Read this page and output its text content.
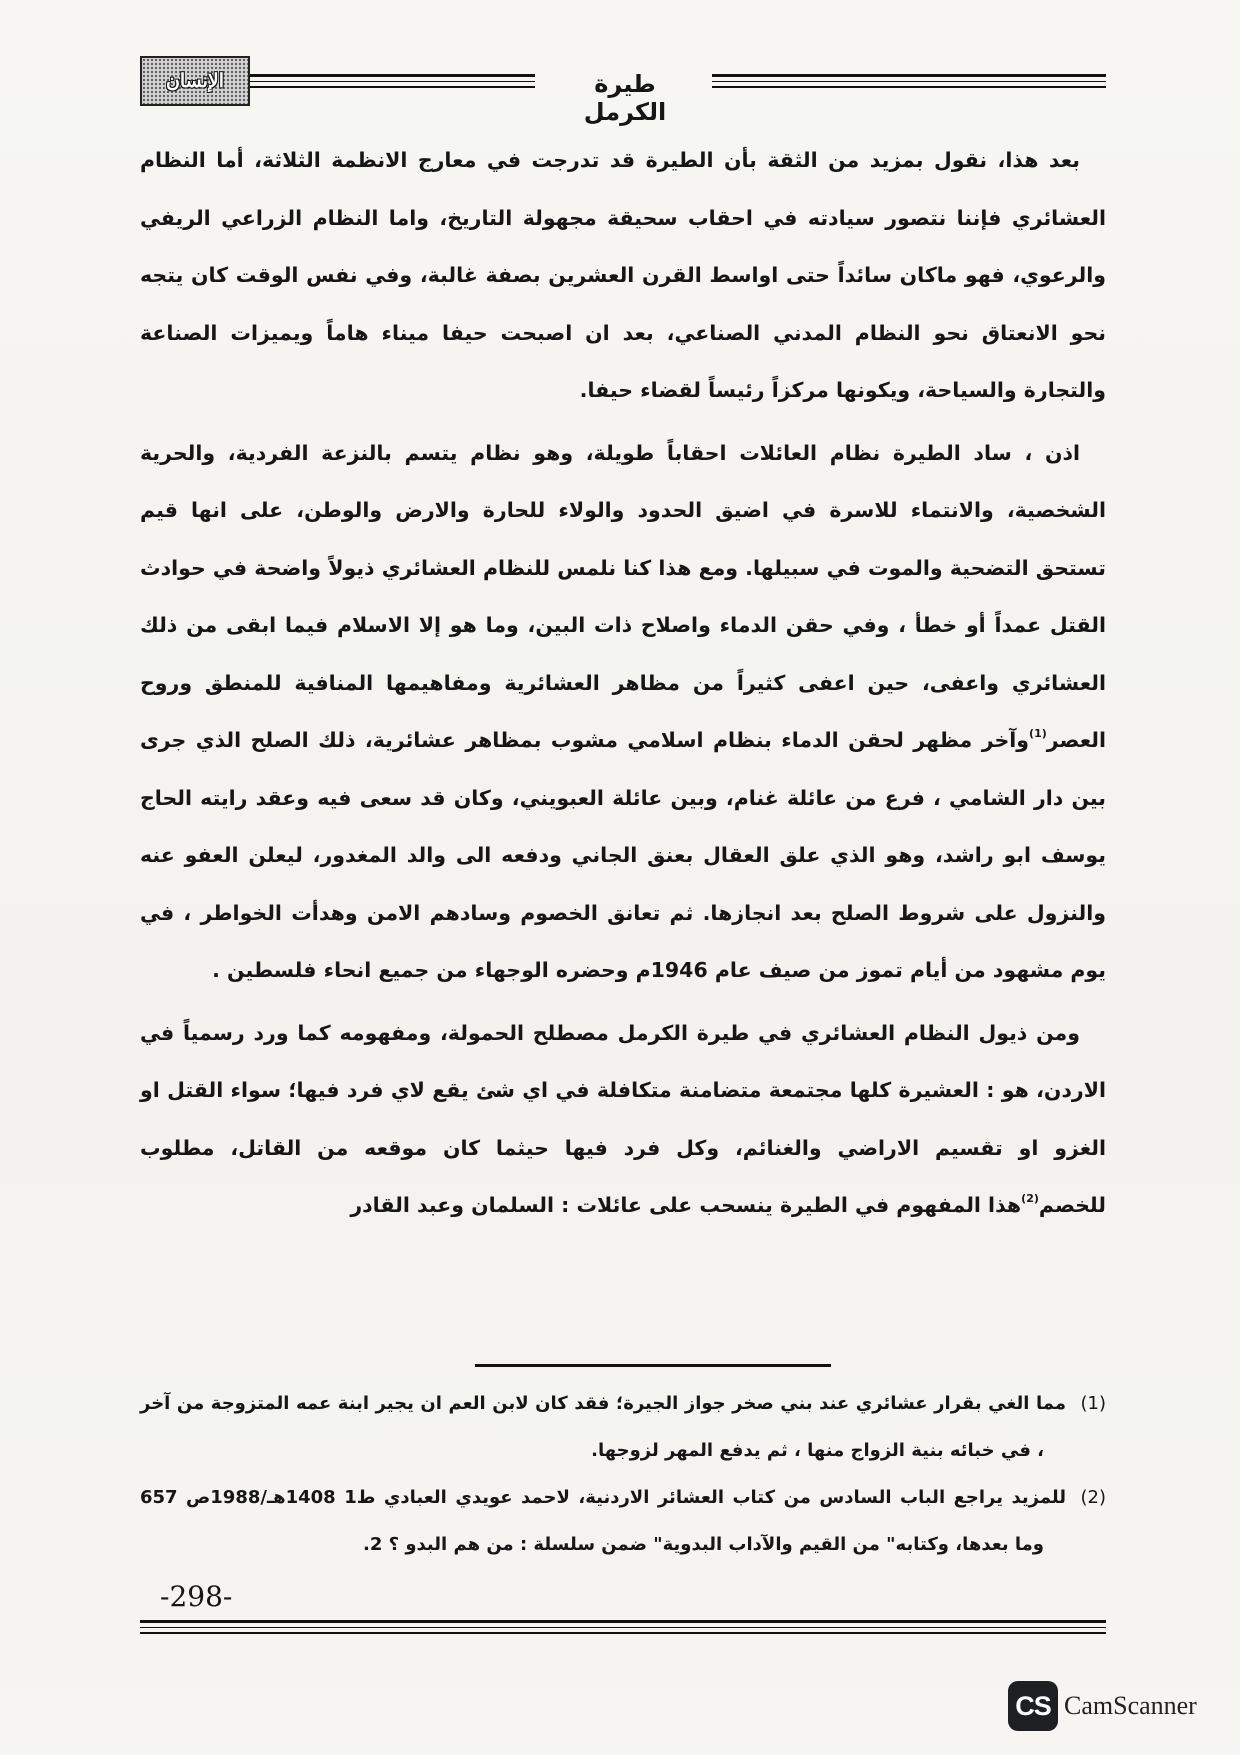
الإنسان	طيرة الكرمل

بعد هذا، نقول بمزيد من الثقة بأن الطيرة قد تدرجت في معارج الانظمة الثلاثة، أما النظام العشائري فإننا نتصور سيادته في احقاب سحيقة مجهولة التاريخ، واما النظام الزراعي الريفي والرعوي، فهو ماكان سائداً حتى اواسط القرن العشرين بصفة غالبة، وفي نفس الوقت كان يتجه نحو الانعتاق نحو النظام المدني الصناعي، بعد ان اصبحت حيفا ميناء هاماً ويميزات الصناعة والتجارة والسياحة، ويكونها مركزاً رئيساً لقضاء حيفا.

اذن ، ساد الطيرة نظام العائلات احقاباً طويلة، وهو نظام يتسم بالنزعة الفردية، والحرية الشخصية، والانتماء للاسرة في اضيق الحدود والولاء للحارة والارض والوطن، على انها قيم تستحق التضحية والموت في سبيلها. ومع هذا كنا نلمس للنظام العشائري ذيولاً واضحة في حوادث القتل عمداً أو خطأ ، وفي حقن الدماء واصلاح ذات البين، وما هو إلا الاسلام فيما ابقى من ذلك العشائري واعفى، حين اعفى كثيراً من مظاهر العشائرية ومفاهيمها المنافية للمنطق وروح العصر$^{(1)}$وآخر مظهر لحقن الدماء بنظام اسلامي مشوب بمظاهر عشائرية، ذلك الصلح الذي جرى بين دار الشامي ، فرع من عائلة غنام، وبين عائلة العبويني، وكان قد سعى فيه وعقد رايته الحاج يوسف ابو راشد، وهو الذي علق العقال بعنق الجاني ودفعه الى والد المغدور، ليعلن العفو عنه والنزول على شروط الصلح بعد انجازها. ثم تعانق الخصوم وسادهم الامن وهدأت الخواطر ، في يوم مشهود من أيام تموز من صيف عام 1946م وحضره الوجهاء من جميع انحاء فلسطين .

ومن ذيول النظام العشائري في طيرة الكرمل مصطلح الحمولة، ومفهومه كما ورد رسمياً في الاردن، هو : العشيرة كلها مجتمعة متضامنة متكافلة في اي شئ يقع لاي فرد فيها؛ سواء القتل او الغزو او تقسيم الاراضي والغنائم، وكل فرد فيها حيثما كان موقعه من القاتل، مطلوب للخصم$^{(2)}$هذا المفهوم في الطيرة ينسحب على عائلات : السلمان وعبد القادر

(1)مما الغي بقرار عشائري عند بني صخر جواز الجيرة؛ فقد كان لابن العم ان يجير ابنة عمه المتزوجة من آخر ، في خبائه بنية الزواج منها ، ثم يدفع المهر لزوجها.

(2)للمزيد يراجع الباب السادس من كتاب العشائر الاردنية، لاحمد عويدي العبادي ط1 1408هـ/1988ص 657 وما بعدها، وكتابه" من القيم والآداب البدوية" ضمن سلسلة : من هم البدو ؟ 2.

-298-
CS CamScanner
